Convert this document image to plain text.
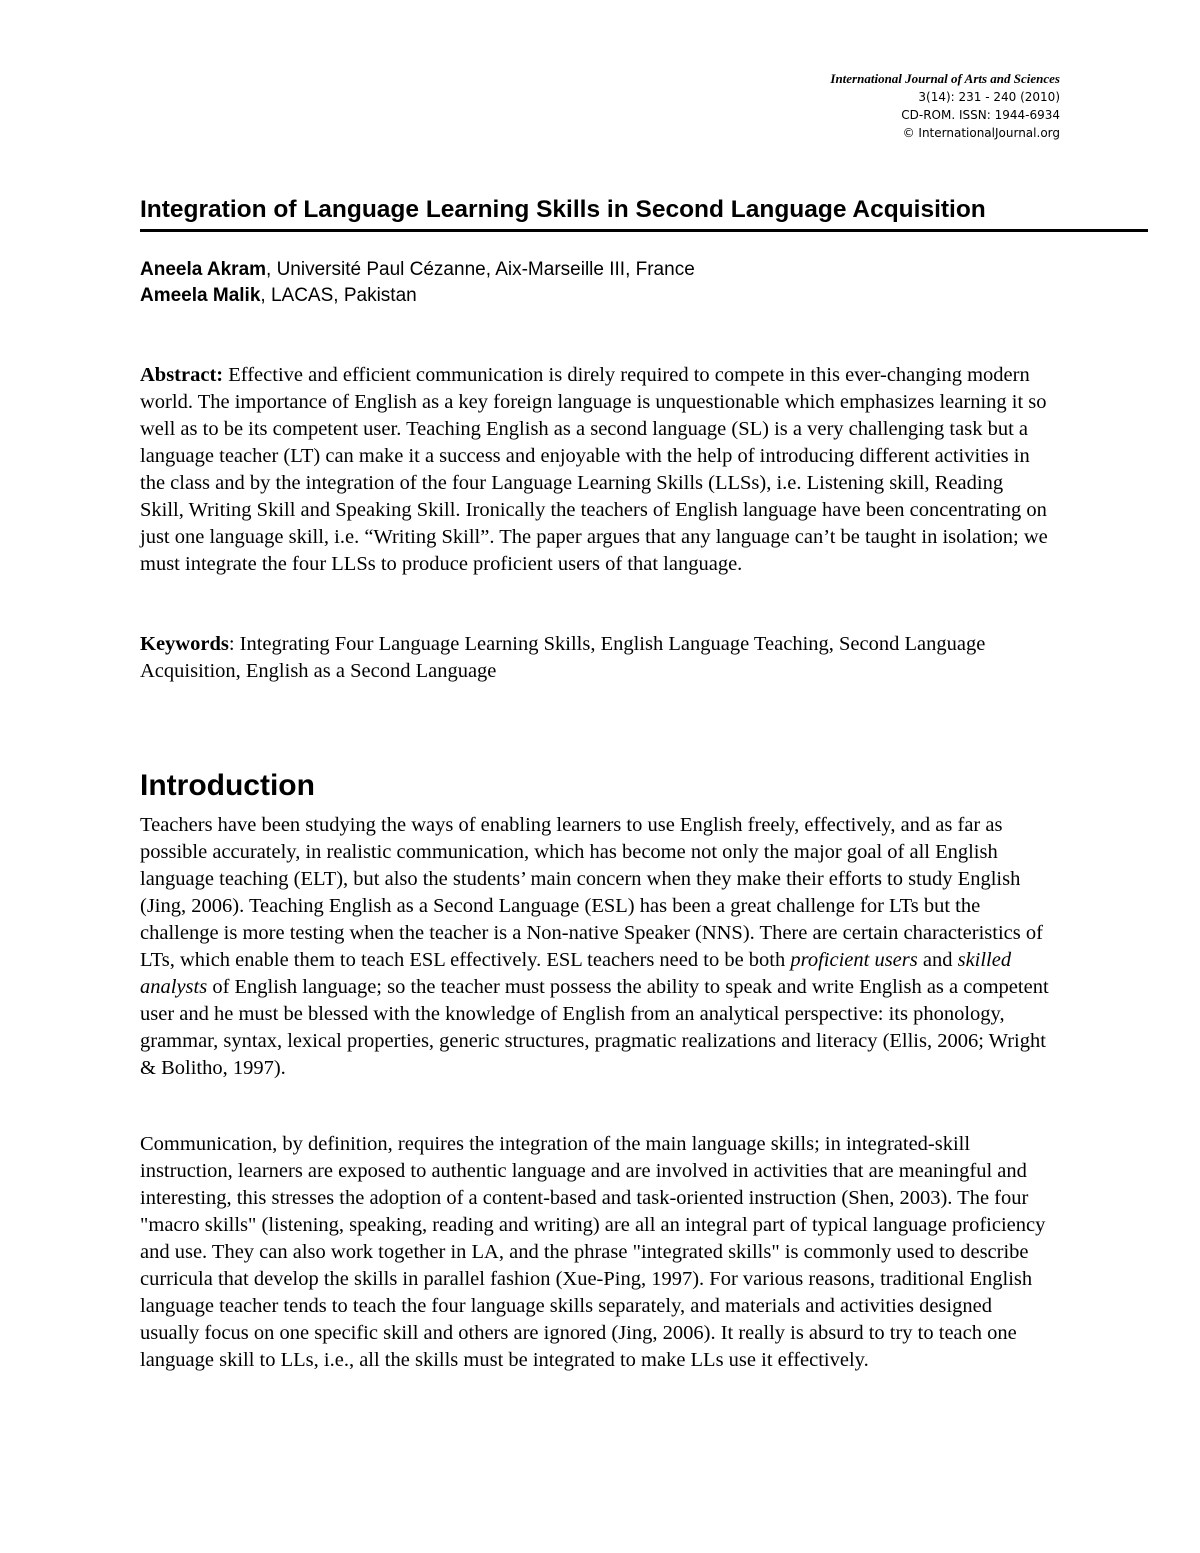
International Journal of Arts and Sciences
3(14): 231 - 240 (2010)
CD-ROM. ISSN: 1944-6934
© InternationalJournal.org
Integration of Language Learning Skills in Second Language Acquisition
Aneela Akram, Université Paul Cézanne, Aix-Marseille III, France
Ameela Malik, LACAS, Pakistan

Abstract: Effective and efficient communication is direly required to compete in this ever-changing modern world. The importance of English as a key foreign language is unquestionable which emphasizes learning it so well as to be its competent user. Teaching English as a second language (SL) is a very challenging task but a language teacher (LT) can make it a success and enjoyable with the help of introducing different activities in the class and by the integration of the four Language Learning Skills (LLSs), i.e. Listening skill, Reading Skill, Writing Skill and Speaking Skill. Ironically the teachers of English language have been concentrating on just one language skill, i.e. “Writing Skill”. The paper argues that any language can’t be taught in isolation; we must integrate the four LLSs to produce proficient users of that language.

Keywords: Integrating Four Language Learning Skills, English Language Teaching, Second Language Acquisition, English as a Second Language

Introduction

Teachers have been studying the ways of enabling learners to use English freely, effectively, and as far as possible accurately, in realistic communication, which has become not only the major goal of all English language teaching (ELT), but also the students’ main concern when they make their efforts to study English (Jing, 2006). Teaching English as a Second Language (ESL) has been a great challenge for LTs but the challenge is more testing when the teacher is a Non-native Speaker (NNS). There are certain characteristics of LTs, which enable them to teach ESL effectively. ESL teachers need to be both proficient users and skilled analysts of English language; so the teacher must possess the ability to speak and write English as a competent user and he must be blessed with the knowledge of English from an analytical perspective: its phonology, grammar, syntax, lexical properties, generic structures, pragmatic realizations and literacy (Ellis, 2006; Wright & Bolitho, 1997).

Communication, by definition, requires the integration of the main language skills; in integrated-skill instruction, learners are exposed to authentic language and are involved in activities that are meaningful and interesting, this stresses the adoption of a content-based and task-oriented instruction (Shen, 2003). The four "macro skills" (listening, speaking, reading and writing) are all an integral part of typical language proficiency and use. They can also work together in LA, and the phrase "integrated skills" is commonly used to describe curricula that develop the skills in parallel fashion (Xue-Ping, 1997). For various reasons, traditional English language teacher tends to teach the four language skills separately, and materials and activities designed usually focus on one specific skill and others are ignored (Jing, 2006). It really is absurd to try to teach one language skill to LLs, i.e., all the skills must be integrated to make LLs use it effectively.
